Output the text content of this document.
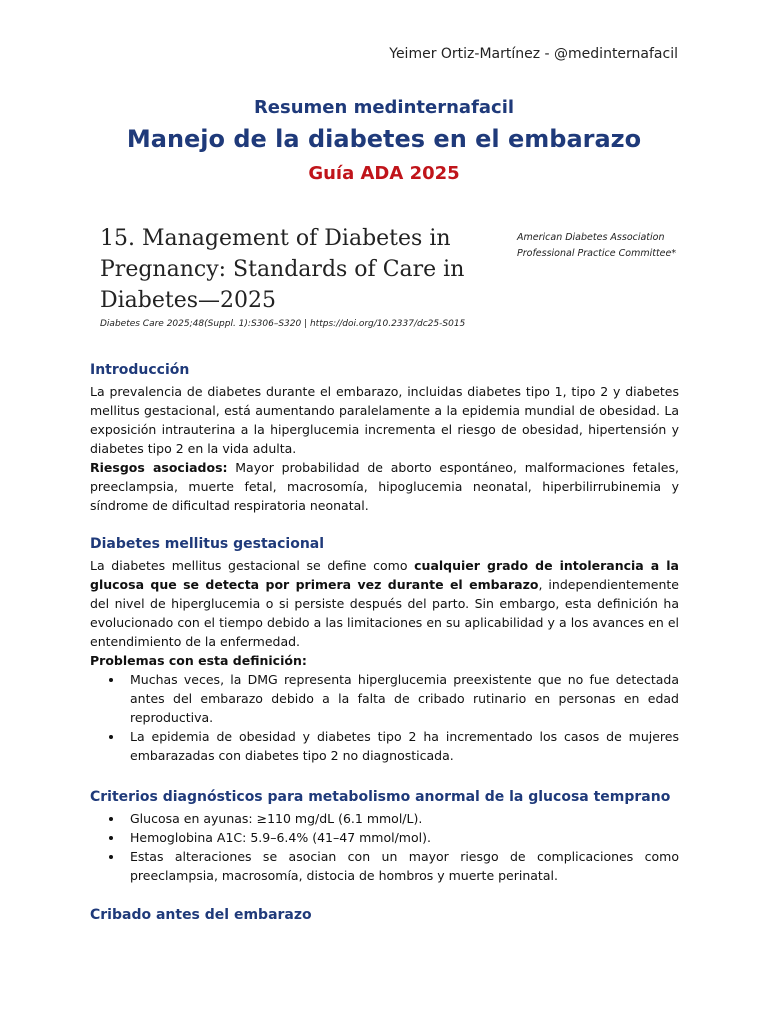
Yeimer Ortiz-Martínez - @medinternafacil
Resumen medinternafacil
Manejo de la diabetes en el embarazo
Guía ADA 2025
15. Management of Diabetes in Pregnancy: Standards of Care in Diabetes—2025
American Diabetes Association
Professional Practice Committee*
Diabetes Care 2025;48(Suppl. 1):S306–S320 | https://doi.org/10.2337/dc25-S015
Introducción

La prevalencia de diabetes durante el embarazo, incluidas diabetes tipo 1, tipo 2 y diabetes mellitus gestacional, está aumentando paralelamente a la epidemia mundial de obesidad. La exposición intrauterina a la hiperglucemia incrementa el riesgo de obesidad, hipertensión y diabetes tipo 2 en la vida adulta.

Riesgos asociados: Mayor probabilidad de aborto espontáneo, malformaciones fetales, preeclampsia, muerte fetal, macrosomía, hipoglucemia neonatal, hiperbilirrubinemia y síndrome de dificultad respiratoria neonatal.

Diabetes mellitus gestacional

La diabetes mellitus gestacional se define como cualquier grado de intolerancia a la glucosa que se detecta por primera vez durante el embarazo, independientemente del nivel de hiperglucemia o si persiste después del parto. Sin embargo, esta definición ha evolucionado con el tiempo debido a las limitaciones en su aplicabilidad y a los avances en el entendimiento de la enfermedad.

Problemas con esta definición:

• Muchas veces, la DMG representa hiperglucemia preexistente que no fue detectada antes del embarazo debido a la falta de cribado rutinario en personas en edad reproductiva.
• La epidemia de obesidad y diabetes tipo 2 ha incrementado los casos de mujeres embarazadas con diabetes tipo 2 no diagnosticada.
Criterios diagnósticos para metabolismo anormal de la glucosa temprano
• Glucosa en ayunas: ≥110 mg/dL (6.1 mmol/L).
• Hemoglobina A1C: 5.9–6.4% (41–47 mmol/mol).
• Estas alteraciones se asocian con un mayor riesgo de complicaciones como preeclampsia, macrosomía, distocia de hombros y muerte perinatal.
Cribado antes del embarazo
